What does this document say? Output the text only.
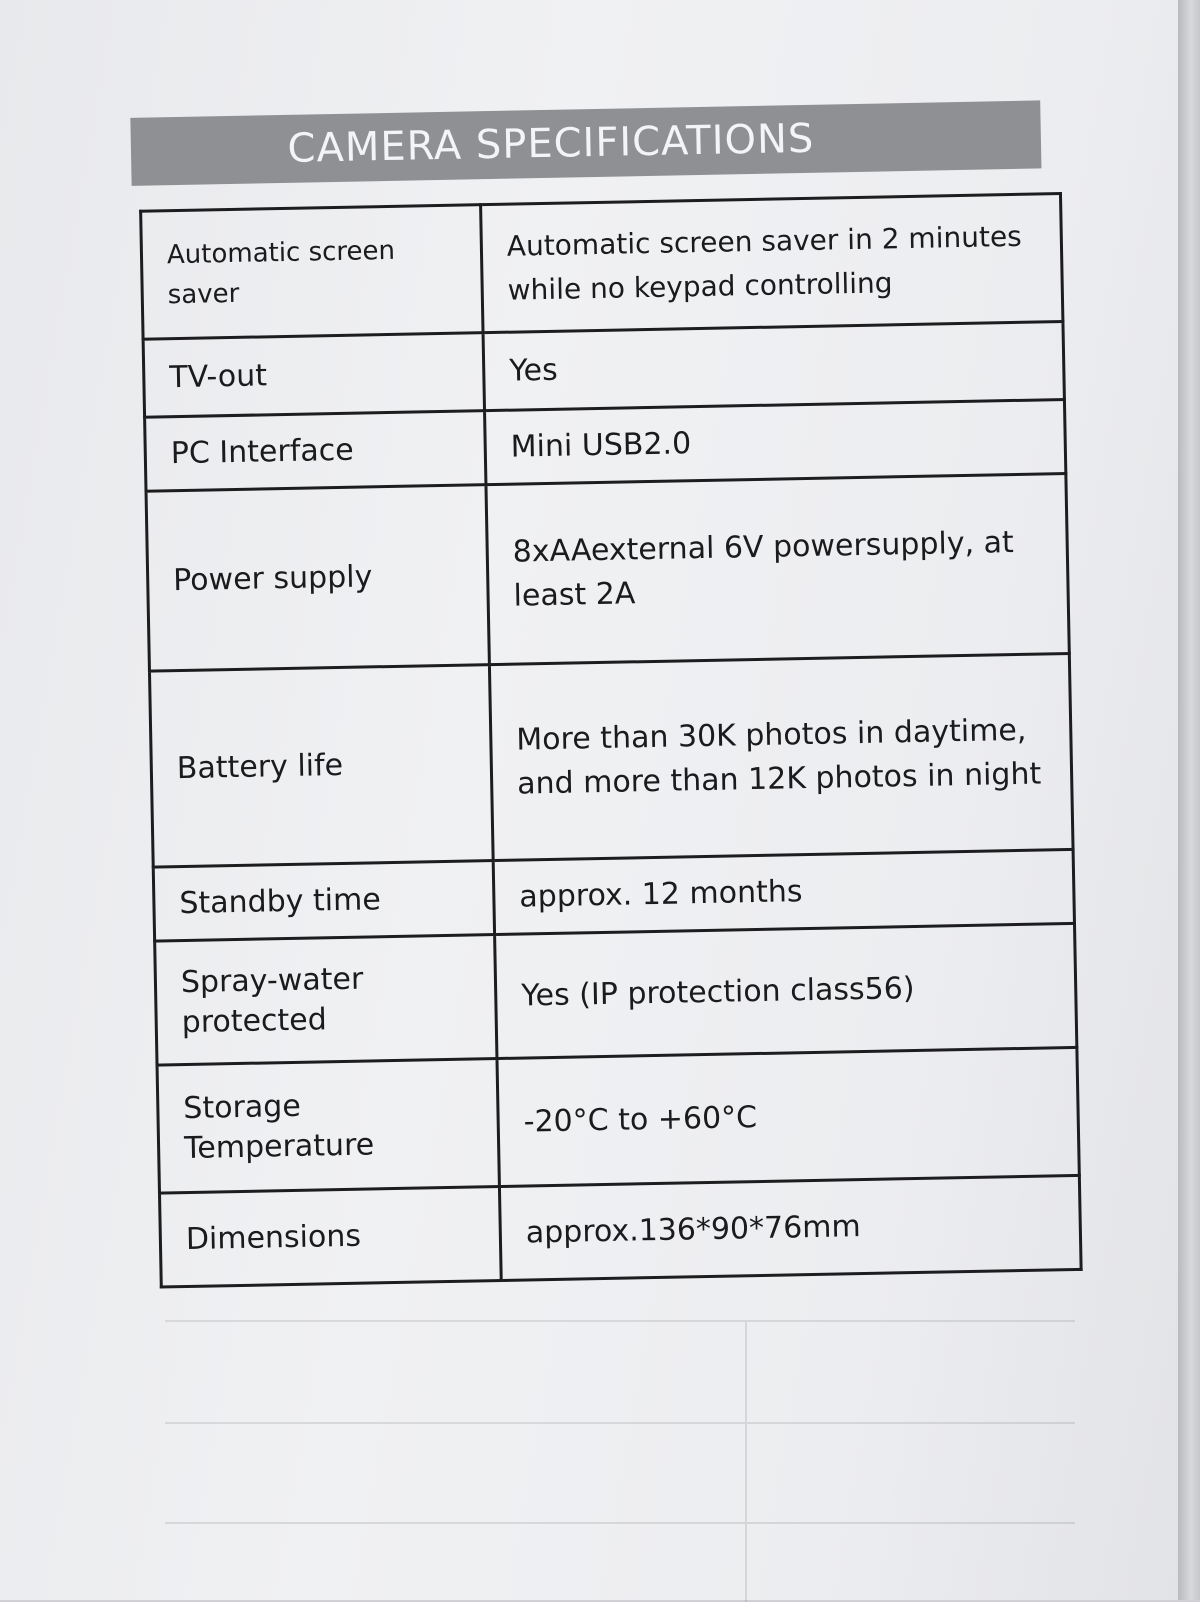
CAMERA SPECIFICATIONS
Automatic screen saver	Automatic screen saver in 2 minutes while no keypad controlling
TV-out	Yes
PC Interface	Mini USB2.0
Power supply	8xAAexternal 6V powersupply, at least 2A
Battery life	More than 30K photos in daytime, and more than 12K photos in night
Standby time	approx. 12 months
Spray-water protected	Yes (IP protection class56)
Storage Temperature	-20°C to +60°C
Dimensions	approx.136*90*76mm
